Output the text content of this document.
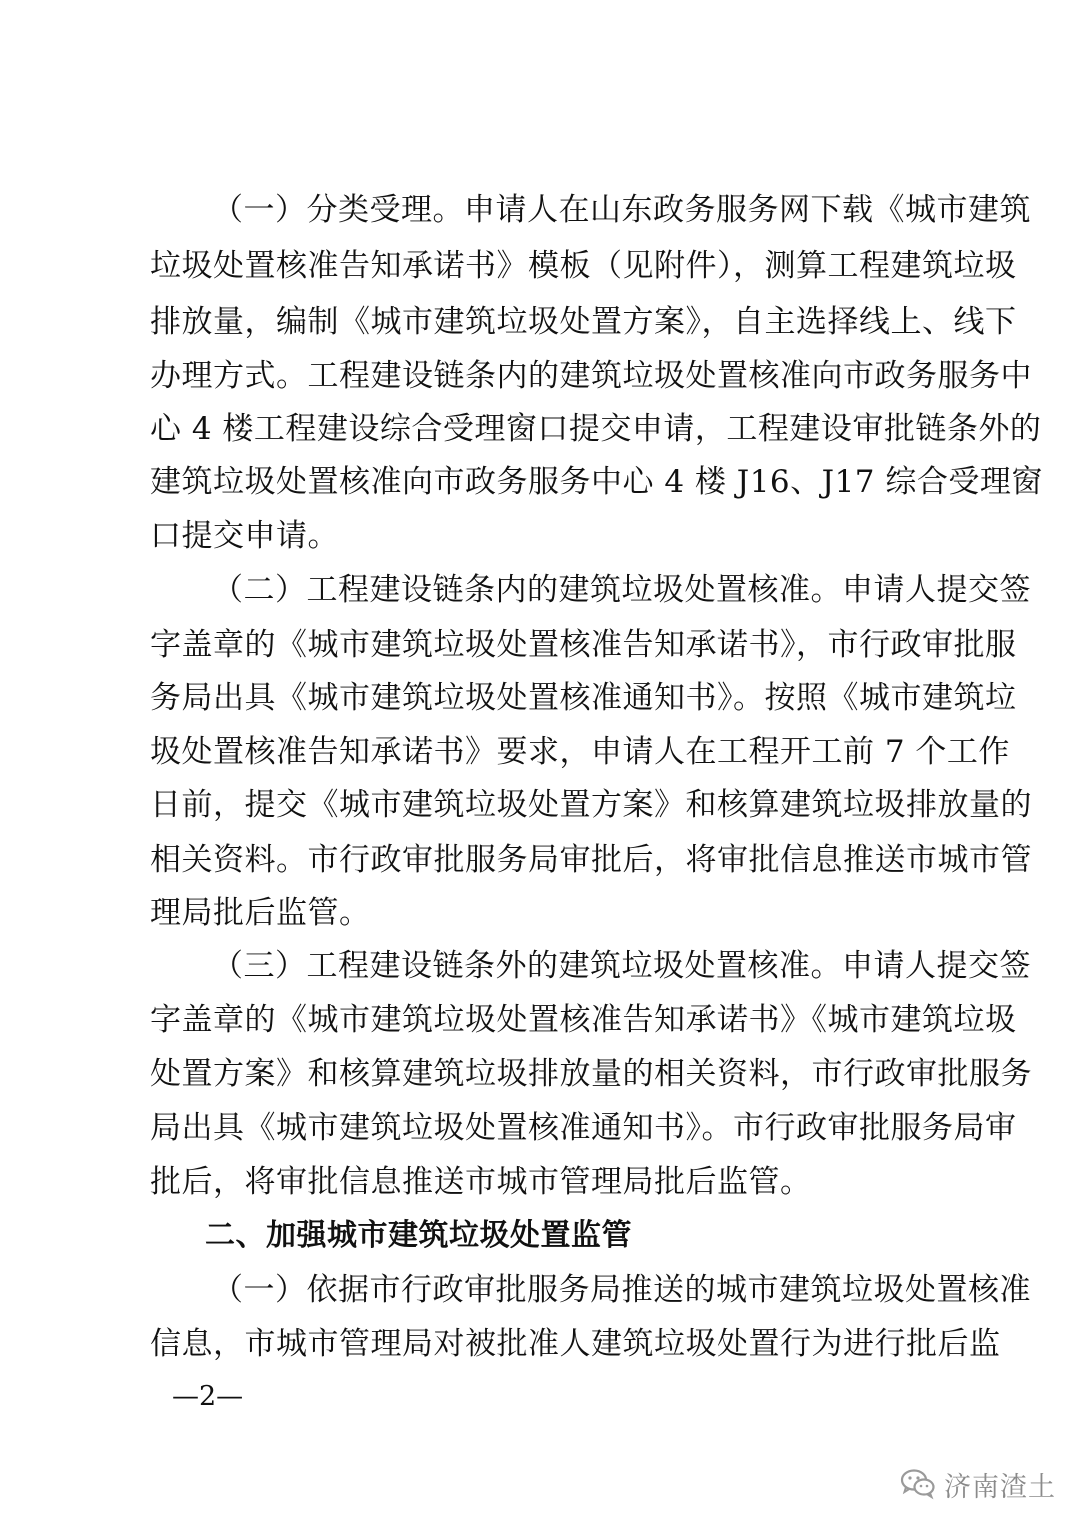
（一）分类受理。申请人在山东政务服务网下载《城市建筑
垃圾处置核准告知承诺书》模板（见附件），测算工程建筑垃圾
排放量，编制《城市建筑垃圾处置方案》，自主选择线上、线下
办理方式。工程建设链条内的建筑垃圾处置核准向市政务服务中
心 4 楼工程建设综合受理窗口提交申请，工程建设审批链条外的
建筑垃圾处置核准向市政务服务中心 4 楼 J16、J17 综合受理窗
口提交申请。
（二）工程建设链条内的建筑垃圾处置核准。申请人提交签
字盖章的《城市建筑垃圾处置核准告知承诺书》，市行政审批服
务局出具《城市建筑垃圾处置核准通知书》。按照《城市建筑垃
圾处置核准告知承诺书》要求，申请人在工程开工前 7 个工作
日前，提交《城市建筑垃圾处置方案》和核算建筑垃圾排放量的
相关资料。市行政审批服务局审批后，将审批信息推送市城市管
理局批后监管。
（三）工程建设链条外的建筑垃圾处置核准。申请人提交签
字盖章的《城市建筑垃圾处置核准告知承诺书》《城市建筑垃圾
处置方案》和核算建筑垃圾排放量的相关资料，市行政审批服务
局出具《城市建筑垃圾处置核准通知书》。市行政审批服务局审
批后，将审批信息推送市城市管理局批后监管。
二、加强城市建筑垃圾处置监管
（一）依据市行政审批服务局推送的城市建筑垃圾处置核准
信息，市城市管理局对被批准人建筑垃圾处置行为进行批后监
—2—
济南渣土
